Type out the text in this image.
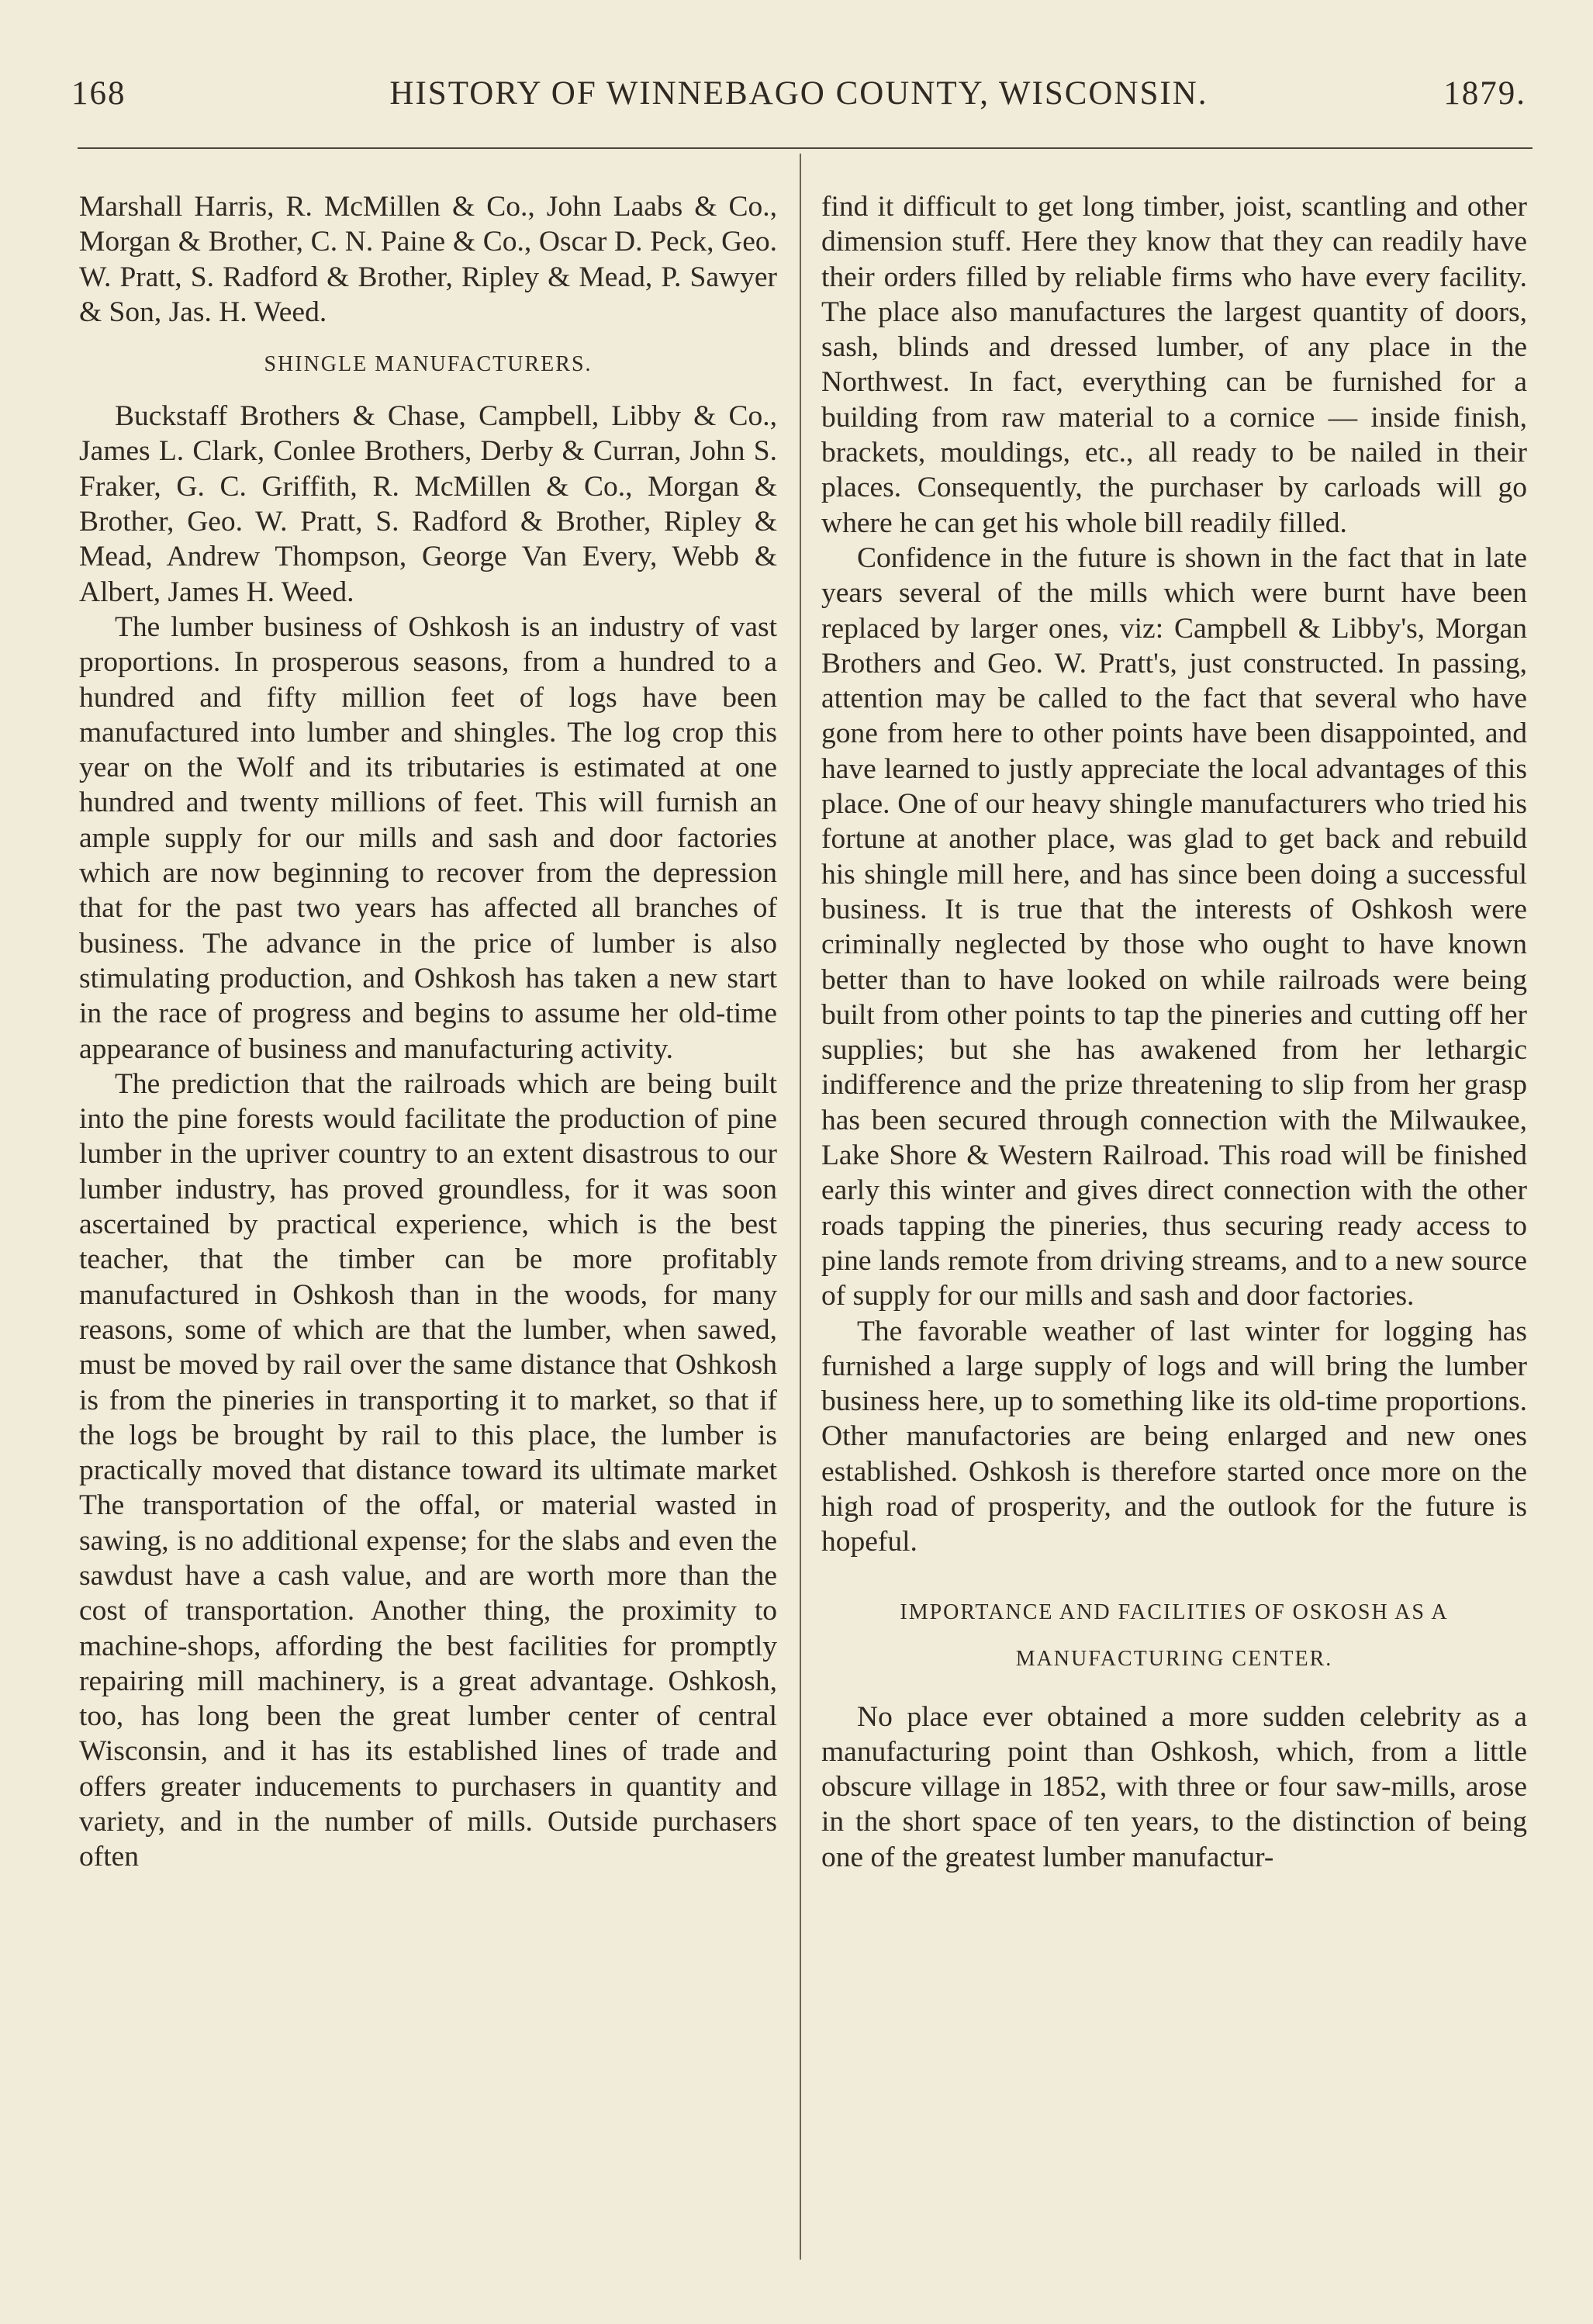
168	HISTORY OF WINNEBAGO COUNTY, WISCONSIN.	1879.

Marshall Harris, R. McMillen & Co., John Laabs & Co., Morgan & Brother, C. N. Paine & Co., Oscar D. Peck, Geo. W. Pratt, S. Radford & Brother, Ripley & Mead, P. Sawyer & Son, Jas. H. Weed.

SHINGLE MANUFACTURERS.

Buckstaff Brothers & Chase, Campbell, Libby & Co., James L. Clark, Conlee Brothers, Derby & Curran, John S. Fraker, G. C. Griffith, R. McMillen & Co., Morgan & Brother, Geo. W. Pratt, S. Radford & Brother, Ripley & Mead, Andrew Thompson, George Van Every, Webb & Albert, James H. Weed.

The lumber business of Oshkosh is an industry of vast proportions. In prosperous seasons, from a hundred to a hundred and fifty million feet of logs have been manufactured into lumber and shingles. The log crop this year on the Wolf and its tributaries is estimated at one hundred and twenty millions of feet. This will furnish an ample supply for our mills and sash and door factories which are now beginning to recover from the depression that for the past two years has affected all branches of business. The advance in the price of lumber is also stimulating production, and Oshkosh has taken a new start in the race of progress and begins to assume her old-time appearance of business and manufacturing activity.

The prediction that the railroads which are being built into the pine forests would facilitate the production of pine lumber in the upriver country to an extent disastrous to our lumber industry, has proved groundless, for it was soon ascertained by practical experience, which is the best teacher, that the timber can be more profitably manufactured in Oshkosh than in the woods, for many reasons, some of which are that the lumber, when sawed, must be moved by rail over the same distance that Oshkosh is from the pineries in transporting it to market, so that if the logs be brought by rail to this place, the lumber is practically moved that distance toward its ultimate market The transportation of the offal, or material wasted in sawing, is no additional expense; for the slabs and even the sawdust have a cash value, and are worth more than the cost of transportation. Another thing, the proximity to machine-shops, affording the best facilities for promptly repairing mill machinery, is a great advantage. Oshkosh, too, has long been the great lumber center of central Wisconsin, and it has its established lines of trade and offers greater inducements to purchasers in quantity and variety, and in the number of mills. Outside purchasers often

find it difficult to get long timber, joist, scantling and other dimension stuff. Here they know that they can readily have their orders filled by reliable firms who have every facility. The place also manufactures the largest quantity of doors, sash, blinds and dressed lumber, of any place in the Northwest. In fact, everything can be furnished for a building from raw material to a cornice — inside finish, brackets, mouldings, etc., all ready to be nailed in their places. Consequently, the purchaser by carloads will go where he can get his whole bill readily filled.

Confidence in the future is shown in the fact that in late years several of the mills which were burnt have been replaced by larger ones, viz: Campbell & Libby's, Morgan Brothers and Geo. W. Pratt's, just constructed. In passing, attention may be called to the fact that several who have gone from here to other points have been disappointed, and have learned to justly appreciate the local advantages of this place. One of our heavy shingle manufacturers who tried his fortune at another place, was glad to get back and rebuild his shingle mill here, and has since been doing a successful business. It is true that the interests of Oshkosh were criminally neglected by those who ought to have known better than to have looked on while railroads were being built from other points to tap the pineries and cutting off her supplies; but she has awakened from her lethargic indifference and the prize threatening to slip from her grasp has been secured through connection with the Milwaukee, Lake Shore & Western Railroad. This road will be finished early this winter and gives direct connection with the other roads tapping the pineries, thus securing ready access to pine lands remote from driving streams, and to a new source of supply for our mills and sash and door factories.

The favorable weather of last winter for logging has furnished a large supply of logs and will bring the lumber business here, up to something like its old-time proportions. Other manufactories are being enlarged and new ones established. Oshkosh is therefore started once more on the high road of prosperity, and the outlook for the future is hopeful.

IMPORTANCE AND FACILITIES OF OSKOSH AS A
MANUFACTURING CENTER.

No place ever obtained a more sudden celebrity as a manufacturing point than Oshkosh, which, from a little obscure village in 1852, with three or four saw-mills, arose in the short space of ten years, to the distinction of being one of the greatest lumber manufactur-
